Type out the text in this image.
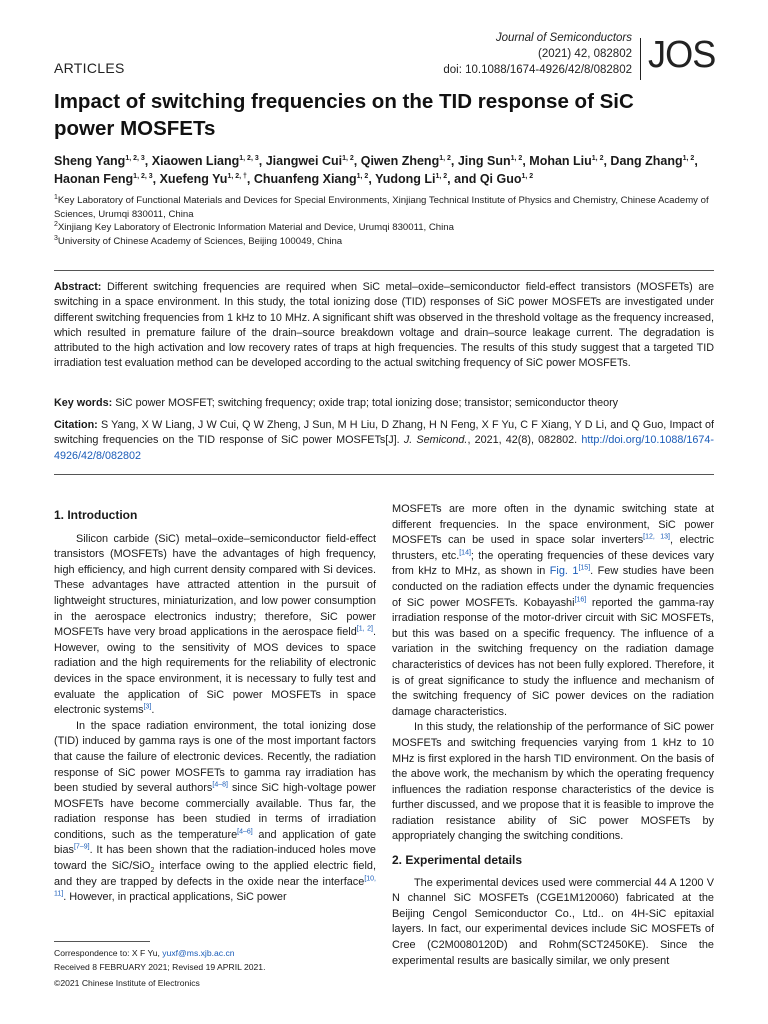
Journal of Semiconductors
(2021) 42, 082802
doi: 10.1088/1674-4926/42/8/082802 JOS
ARTICLES
Impact of switching frequencies on the TID response of SiC power MOSFETs
Sheng Yang$^{1, 2, 3}$, Xiaowen Liang$^{1, 2, 3}$, Jiangwei Cui$^{1, 2}$, Qiwen Zheng$^{1, 2}$, Jing Sun$^{1, 2}$, Mohan Liu$^{1, 2}$, Dang Zhang$^{1, 2}$, Haonan Feng$^{1, 2, 3}$, Xuefeng $Yu^{1, 2, \dagger}$, Chuanfeng Xiang$^{1, 2}$, Yudong Li$^{1, 2}$, and Qi Guo$^{1, 2}$

$^1$Key Laboratory of Functional Materials and Devices for Special Environments, Xinjiang Technical Institute of Physics and Chemistry, Chinese Academy of Sciences, Urumqi 830011, China

$^2$Xinjiang Key Laboratory of Electronic Information Material and Device, Urumqi 830011, China

$^3$University of Chinese Academy of Sciences, Beijing 100049, China

Abstract: Different switching frequencies are required when SiC metal–oxide–semiconductor field-effect transistors (MOSFETs) are switching in a space environment. In this study, the total ionizing dose (TID) responses of SiC power MOSFETs are investigated under different switching frequencies from 1 kHz to 10 MHz. A significant shift was observed in the threshold voltage as the frequency increased, which resulted in premature failure of the drain–source breakdown voltage and drain–source leakage current. The degradation is attributed to the high activation and low recovery rates of traps at high frequencies. The results of this study suggest that a targeted TID irradiation test evaluation method can be developed according to the actual switching frequency of SiC power MOSFETs.
Key words: SiC power MOSFET; switching frequency; oxide trap; total ionizing dose; transistor; semiconductor theory
Citation: S Yang, X W Liang, J W Cui, Q W Zheng, J Sun, M H Liu, D Zhang, H N Feng, X F Yu, C F Xiang, Y D Li, and Q Guo, Impact of switching frequencies on the TID response of SiC power MOSFETs[J]. J. Semicond., 2021, 42(8), 082802. http://doi.org/10.1088/1674-4926/42/8/082802
1. Introduction

Silicon carbide (SiC) metal–oxide–semiconductor field-effect transistors (MOSFETs) have the advantages of high frequency, high efficiency, and high current density compared with Si devices. These advantages have attracted attention in the pursuit of lightweight structures, miniaturization, and low power consumption in the aerospace electronics industry; therefore, SiC power MOSFETs have very broad applications in the aerospace field[1, 2]. However, owing to the sensitivity of MOS devices to space radiation and the high requirements for the reliability of electronic devices in the space environment, it is necessary to fully test and evaluate the application of SiC power MOSFETs in space electronic systems[3].

In the space radiation environment, the total ionizing dose (TID) induced by gamma rays is one of the most important factors that cause the failure of electronic devices. Recently, the radiation response of SiC power MOSFETs to gamma ray irradiation has been studied by several authors[4–8] since SiC high-voltage power MOSFETs have become commercially available. Thus far, the radiation response has been studied in terms of irradiation conditions, such as the temperature[4–6] and application of gate bias[7–9]. It has been shown that the radiation-induced holes move toward the SiC/SiO$_2$ interface owing to the applied electric field, and they are trapped by defects in the oxide near the interface[10, 11]. However, in practical applications, SiC power

MOSFETs are more often in the dynamic switching state at different frequencies. In the space environment, SiC power MOSFETs can be used in space solar inverters[12, 13], electric thrusters, etc.[14]; the operating frequencies of these devices vary from kHz to MHz, as shown in Fig. 1[15]. Few studies have been conducted on the radiation effects under the dynamic frequencies of SiC power MOSFETs. Kobayashi[16] reported the gamma-ray irradiation response of the motor-driver circuit with SiC MOSFETs, but this was based on a specific frequency. The influence of a variation in the switching frequency on the radiation damage characteristics of devices has not been fully explored. Therefore, it is of great significance to study the influence and mechanism of the switching frequency of SiC power devices on the radiation damage characteristics.

In this study, the relationship of the performance of SiC power MOSFETs and switching frequencies varying from 1 kHz to 10 MHz is first explored in the harsh TID environment. On the basis of the above work, the mechanism by which the operating frequency influences the radiation response characteristics of the device is further discussed, and we propose that it is feasible to improve the radiation resistance ability of SiC power MOSFETs by appropriately changing the switching conditions.

2. Experimental details

The experimental devices used were commercial 44 A 1200 V N channel SiC MOSFETs (CGE1M120060) fabricated at the Beijing Cengol Semiconductor Co., Ltd.. on 4H-SiC epitaxial layers. In fact, our experimental devices include SiC MOSFETs of Cree (C2M0080120D) and Rohm(SCT2450KE). Since the experimental results are basically similar, we only present

Correspondence to: X F Yu, yuxf@ms.xjb.ac.cn
Received 8 FEBRUARY 2021; Revised 19 APRIL 2021.
©2021 Chinese Institute of Electronics
